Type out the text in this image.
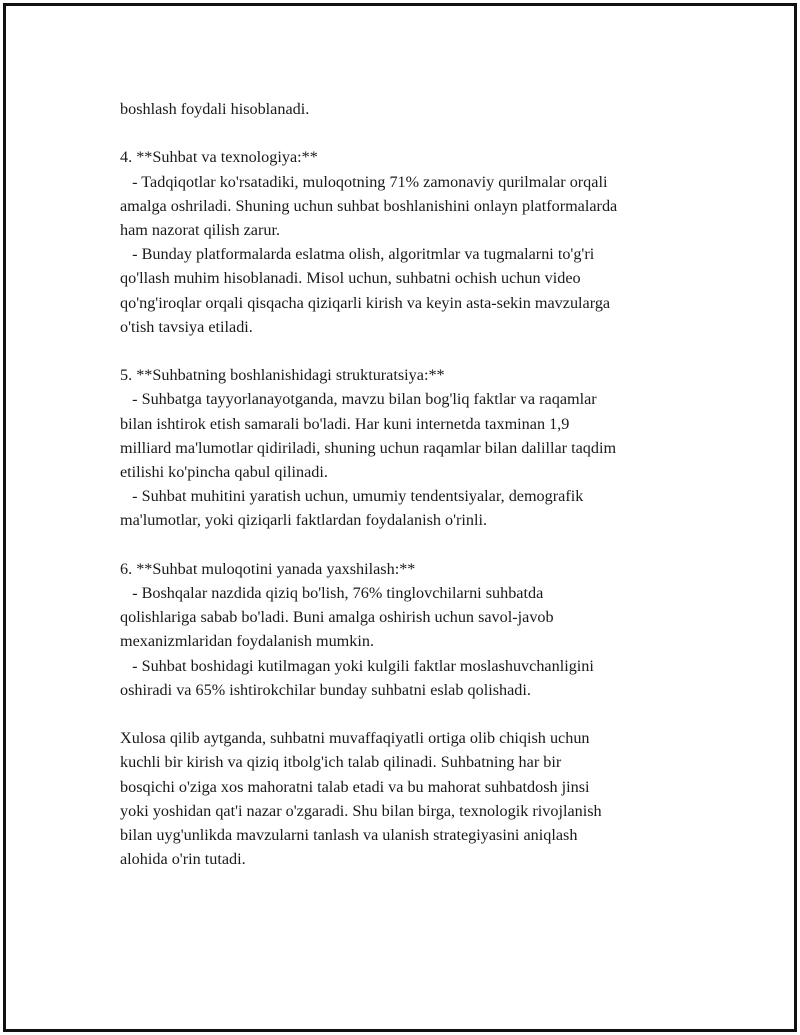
boshlash foydali hisoblanadi.

4. **Suhbat va texnologiya:**

- Tadqiqotlar ko'rsatadiki, muloqotning 71% zamonaviy qurilmalar orqali

amalga oshriladi. Shuning uchun suhbat boshlanishini onlayn platformalarda

ham nazorat qilish zarur.

- Bunday platformalarda eslatma olish, algoritmlar va tugmalarni to'g'ri

qo'llash muhim hisoblanadi. Misol uchun, suhbatni ochish uchun video

qo'ng'iroqlar orqali qisqacha qiziqarli kirish va keyin asta-sekin mavzularga

o'tish tavsiya etiladi.

5. **Suhbatning boshlanishidagi strukturatsiya:**

- Suhbatga tayyorlanayotganda, mavzu bilan bog'liq faktlar va raqamlar

bilan ishtirok etish samarali bo'ladi. Har kuni internetda taxminan 1,9

milliard ma'lumotlar qidiriladi, shuning uchun raqamlar bilan dalillar taqdim

etilishi ko'pincha qabul qilinadi.

- Suhbat muhitini yaratish uchun, umumiy tendentsiyalar, demografik

ma'lumotlar, yoki qiziqarli faktlardan foydalanish o'rinli.

6. **Suhbat muloqotini yanada yaxshilash:**

- Boshqalar nazdida qiziq bo'lish, 76% tinglovchilarni suhbatda

qolishlariga sabab bo'ladi. Buni amalga oshirish uchun savol-javob

mexanizmlaridan foydalanish mumkin.

- Suhbat boshidagi kutilmagan yoki kulgili faktlar moslashuvchanligini

oshiradi va 65% ishtirokchilar bunday suhbatni eslab qolishadi.

Xulosa qilib aytganda, suhbatni muvaffaqiyatli ortiga olib chiqish uchun

kuchli bir kirish va qiziq itbolg'ich talab qilinadi. Suhbatning har bir

bosqichi o'ziga xos mahoratni talab etadi va bu mahorat suhbatdosh jinsi

yoki yoshidan qat'i nazar o'zgaradi. Shu bilan birga, texnologik rivojlanish

bilan uyg'unlikda mavzularni tanlash va ulanish strategiyasini aniqlash

alohida o'rin tutadi.
